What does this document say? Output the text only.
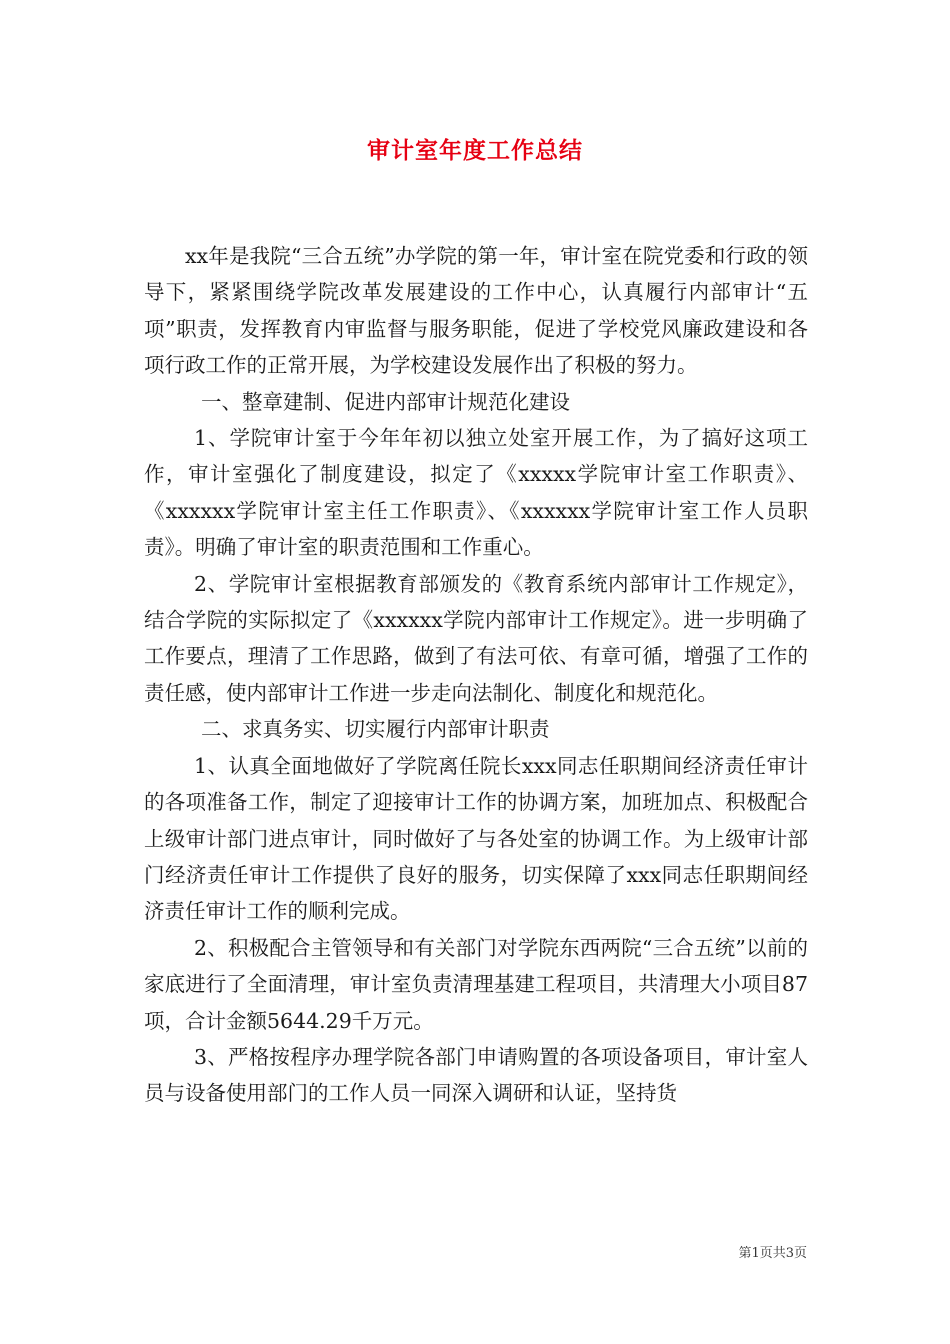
审计室年度工作总结

xx年是我院“三合五统”办学院的第一年，审计室在院党委和行政的领导下，紧紧围绕学院改革发展建设的工作中心，认真履行内部审计“五项”职责，发挥教育内审监督与服务职能，促进了学校党风廉政建设和各项行政工作的正常开展，为学校建设发展作出了积极的努力。

一、整章建制、促进内部审计规范化建设

1、学院审计室于今年年初以独立处室开展工作，为了搞好这项工作，审计室强化了制度建设，拟定了《xxxxx学院审计室工作职责》、《xxxxxx学院审计室主任工作职责》、《xxxxxx学院审计室工作人员职责》。明确了审计室的职责范围和工作重心。

2、学院审计室根据教育部颁发的《教育系统内部审计工作规定》，结合学院的实际拟定了《xxxxxx学院内部审计工作规定》。进一步明确了工作要点，理清了工作思路，做到了有法可依、有章可循，增强了工作的责任感，使内部审计工作进一步走向法制化、制度化和规范化。

二、求真务实、切实履行内部审计职责

1、认真全面地做好了学院离任院长xxx同志任职期间经济责任审计的各项准备工作，制定了迎接审计工作的协调方案，加班加点、积极配合上级审计部门进点审计，同时做好了与各处室的协调工作。为上级审计部门经济责任审计工作提供了良好的服务，切实保障了xxx同志任职期间经济责任审计工作的顺利完成。

2、积极配合主管领导和有关部门对学院东西两院“三合五统”以前的家底进行了全面清理，审计室负责清理基建工程项目，共清理大小项目87项，合计金额5644.29千万元。

3、严格按程序办理学院各部门申请购置的各项设备项目，审计室人员与设备使用部门的工作人员一同深入调研和认证，坚持货

第1页共3页
